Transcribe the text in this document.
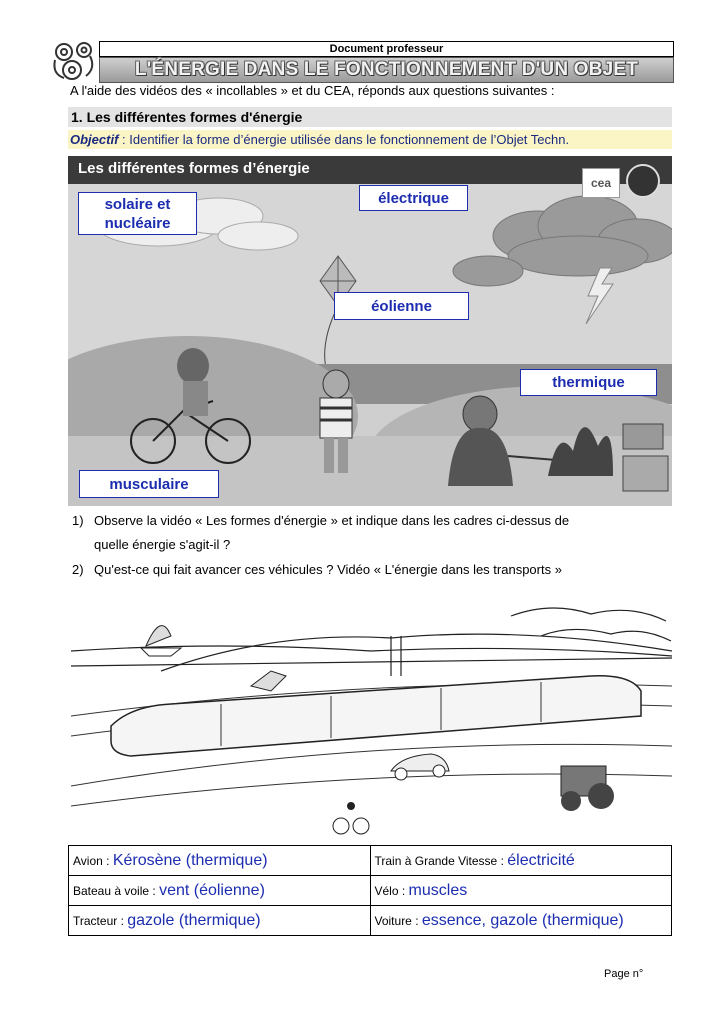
Document professeur
L'ÉNERGIE DANS LE FONCTIONNEMENT D'UN OBJET
A l'aide des vidéos des « incollables » et du CEA, réponds aux questions suivantes :
1. Les différentes formes d'énergie
Objectif : Identifier la forme d’énergie utilisée dans le fonctionnement de l’Objet Techn.
Les différentes formes d’énergie
cea
solaire et
nucléaire
électrique
éolienne
thermique
musculaire
1) Observe la vidéo « Les formes d'énergie » et indique dans les cadres ci-dessus de
quelle énergie s'agit-il ?
2) Qu'est-ce qui fait avancer ces véhicules ? Vidéo « L'énergie dans les transports »
Avion : Kérosène (thermique)	Train à Grande Vitesse : électricité
Bateau à voile : vent (éolienne)	Vélo : muscles
Tracteur : gazole (thermique)	Voiture : essence, gazole (thermique)
Page n°
